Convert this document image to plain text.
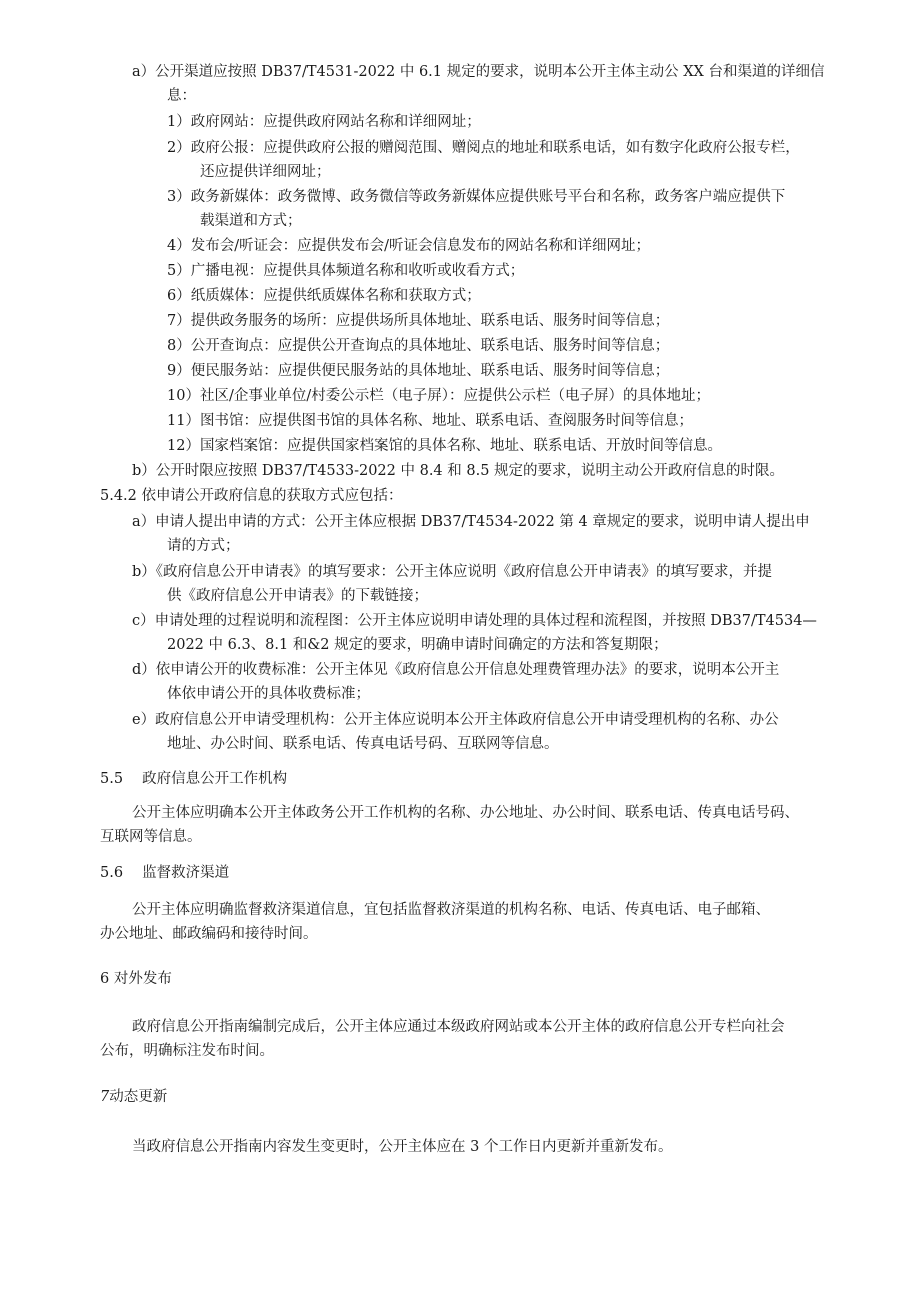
a）公开渠道应按照 DB37/T4531-2022 中 6.1 规定的要求，说明本公开主体主动公 XX 台和渠道的详细信
息：
1）政府网站：应提供政府网站名称和详细网址；
2）政府公报：应提供政府公报的赠阅范围、赠阅点的地址和联系电话，如有数字化政府公报专栏，
还应提供详细网址；
3）政务新媒体：政务微博、政务微信等政务新媒体应提供账号平台和名称，政务客户端应提供下
载渠道和方式；
4）发布会/听证会：应提供发布会/听证会信息发布的网站名称和详细网址；
5）广播电视：应提供具体频道名称和收听或收看方式；
6）纸质媒体：应提供纸质媒体名称和获取方式；
7）提供政务服务的场所：应提供场所具体地址、联系电话、服务时间等信息；
8）公开查询点：应提供公开查询点的具体地址、联系电话、服务时间等信息；
9）便民服务站：应提供便民服务站的具体地址、联系电话、服务时间等信息；
10）社区/企事业单位/村委公示栏（电子屏）：应提供公示栏（电子屏）的具体地址；
11）图书馆：应提供图书馆的具体名称、地址、联系电话、查阅服务时间等信息；
12）国家档案馆：应提供国家档案馆的具体名称、地址、联系电话、开放时间等信息。
b）公开时限应按照 DB37/T4533-2022 中 8.4 和 8.5 规定的要求，说明主动公开政府信息的时限。
5.4.2 依申请公开政府信息的获取方式应包括：
a）申请人提出申请的方式：公开主体应根据 DB37/T4534-2022 第 4 章规定的要求，说明申请人提出申
请的方式；
b）《政府信息公开申请表》的填写要求：公开主体应说明《政府信息公开申请表》的填写要求，并提
供《政府信息公开申请表》的下载链接；
c）申请处理的过程说明和流程图：公开主体应说明申请处理的具体过程和流程图，并按照 DB37/T4534—
2022 中 6.3、8.1 和&2 规定的要求，明确申请时间确定的方法和答复期限；
d）依申请公开的收费标准：公开主体见《政府信息公开信息处理费管理办法》的要求，说明本公开主
体依申请公开的具体收费标准；
e）政府信息公开申请受理机构：公开主体应说明本公开主体政府信息公开申请受理机构的名称、办公
地址、办公时间、联系电话、传真电话号码、互联网等信息。
5.5　 政府信息公开工作机构
公开主体应明确本公开主体政务公开工作机构的名称、办公地址、办公时间、联系电话、传真电话号码、
互联网等信息。
5.6　 监督救济渠道
公开主体应明确监督救济渠道信息，宜包括监督救济渠道的机构名称、电话、传真电话、电子邮箱、
办公地址、邮政编码和接待时间。
6 对外发布
政府信息公开指南编制完成后，公开主体应通过本级政府网站或本公开主体的政府信息公开专栏向社会
公布，明确标注发布时间。
7动态更新
当政府信息公开指南内容发生变更时，公开主体应在 3 个工作日内更新并重新发布。
